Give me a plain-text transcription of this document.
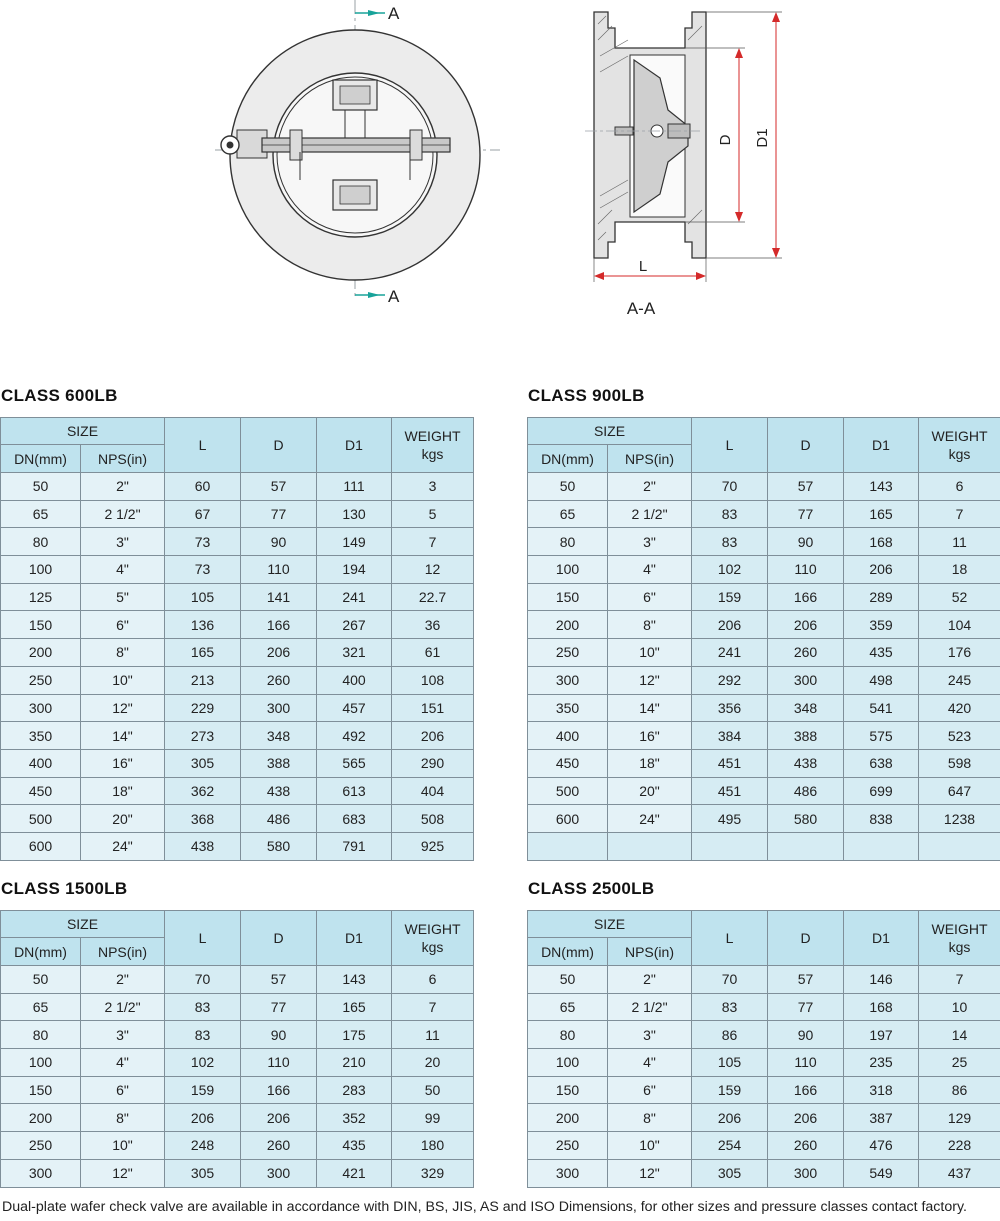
A
A
D D1
L
A-A
CLASS 600LB	CLASS 900LB
CLASS 1500LB	CLASS 2500LB
SIZE		L	D	D1	WEIGHT
kgs

DN(mm)	NPS(in)				
50	2"	60	57	111	3
65	2 1/2"	67	77	130	5
80	3"	73	90	149	7
100	4"	73	110	194	12
125	5"	105	141	241	22.7
150	6"	136	166	267	36
200	8"	165	206	321	61
250	10"	213	260	400	108
300	12"	229	300	457	151
350	14"	273	348	492	206
400	16"	305	388	565	290
450	18"	362	438	613	404
500	20"	368	486	683	508
600	24"	438	580	791	925
SIZE		L	D	D1	WEIGHT
kgs

DN(mm)	NPS(in)				
50	2"	70	57	143	6
65	2 1/2"	83	77	165	7
80	3"	83	90	168	11
100	4"	102	110	206	18
150	6"	159	166	289	52
200	8"	206	206	359	104
250	10"	241	260	435	176
300	12"	292	300	498	245
350	14"	356	348	541	420
400	16"	384	388	575	523
450	18"	451	438	638	598
500	20"	451	486	699	647
600	24"	495	580	838	1238

SIZE		L	D	D1	WEIGHT
kgs

DN(mm)	NPS(in)				
50	2"	70	57	143	6
65	2 1/2"	83	77	165	7
80	3"	83	90	175	11
100	4"	102	110	210	20
150	6"	159	166	283	50
200	8"	206	206	352	99
250	10"	248	260	435	180
300	12"	305	300	421	329
SIZE		L	D	D1	WEIGHT
kgs

DN(mm)	NPS(in)				
50	2"	70	57	146	7
65	2 1/2"	83	77	168	10
80	3"	86	90	197	14
100	4"	105	110	235	25
150	6"	159	166	318	86
200	8"	206	206	387	129
250	10"	254	260	476	228
300	12"	305	300	549	437
Dual-plate wafer check valve are available in accordance with DIN, BS, JIS, AS and ISO Dimensions, for other sizes and pressure classes contact factory.
